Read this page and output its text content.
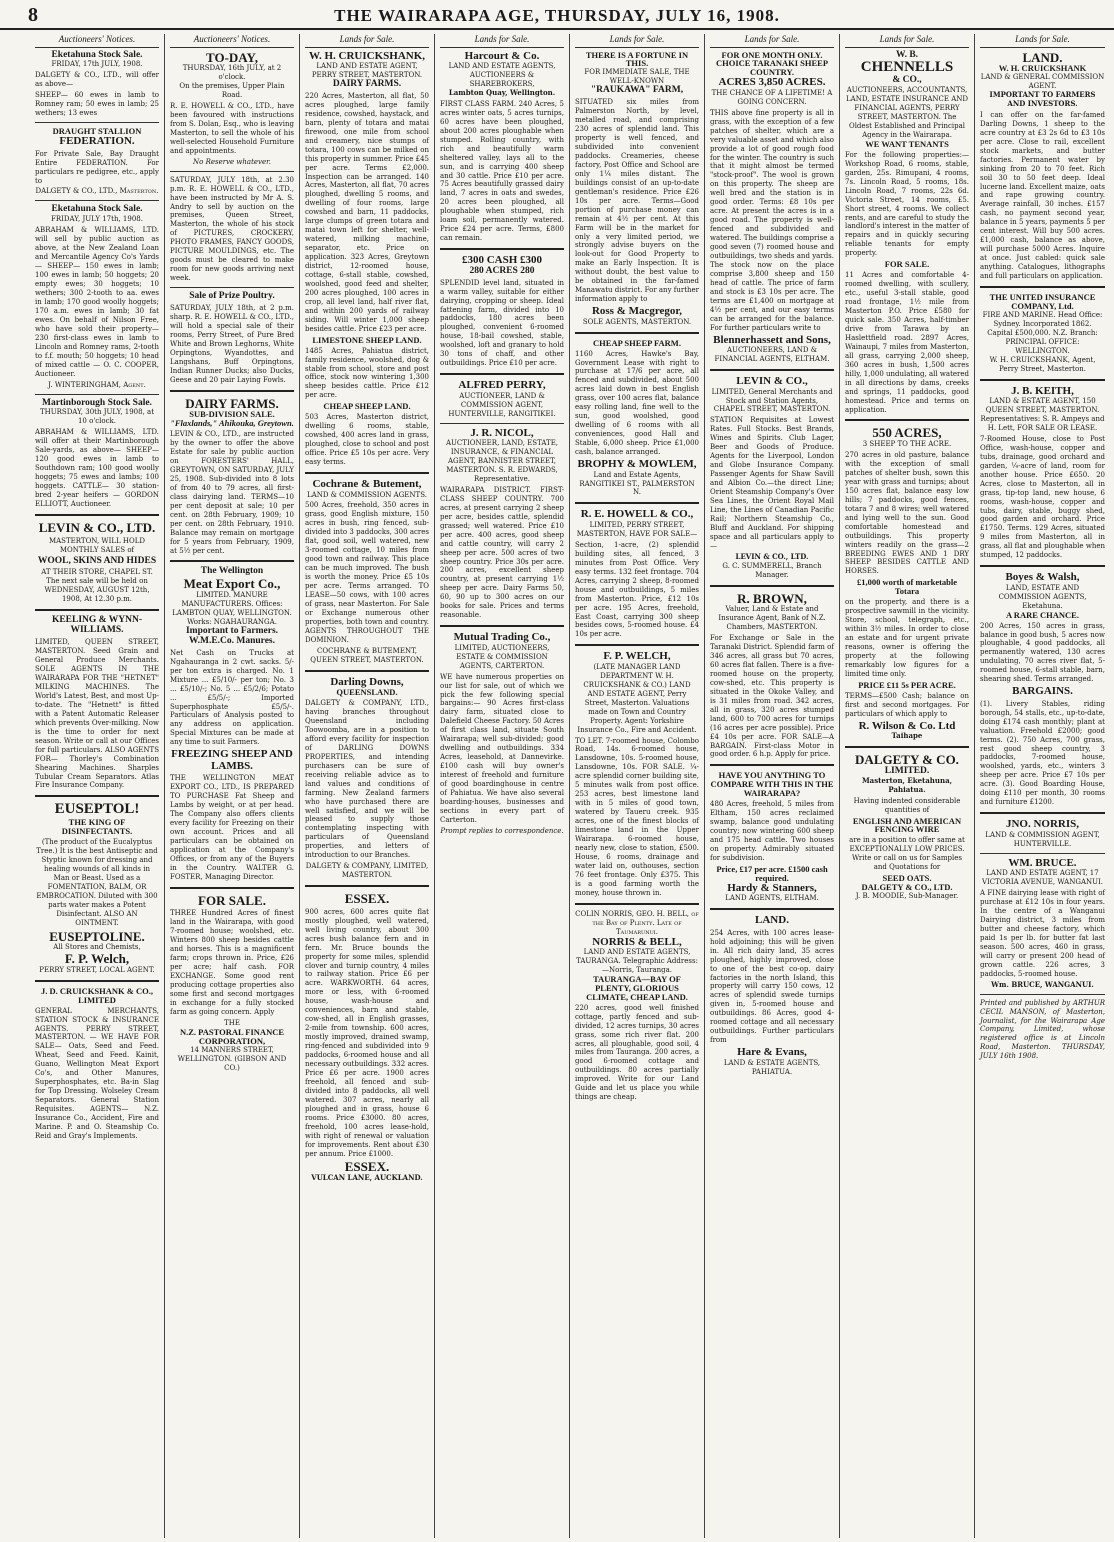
8	THE WAIRARAPA AGE, THURSDAY, JULY 16, 1908.
Auctioneers' Notices.
Eketahuna Stock Sale.
FRIDAY, 17th JULY, 1908.

DALGETY & CO., LTD., will offer as above—

SHEEP— 60 ewes in lamb to Romney ram; 50 ewes in lamb; 25 wethers; 13 ewes

DRAUGHT STALLION
FEDERATION.

For Private Sale, Bay Draught Entire FEDERATION. For particulars re pedigree, etc., apply to

DALGETY & CO., LTD., Masterton.
Eketahuna Stock Sale.
FRIDAY, JULY 17th, 1908.

ABRAHAM & WILLIAMS, LTD. will sell by public auction as above, at the New Zealand Loan and Mercantile Agency Co's Yards— SHEEP— 150 ewes in lamb; 100 ewes in lamb; 50 hoggets; 20 empty ewes; 30 hoggets; 10 wethers; 300 2-tooth to aa. ewes in lamb; 170 good woolly hoggets; 170 a.m. ewes in lamb; 30 fat ewes. On behalf of Nilson Free, who have sold their property— 230 first-class ewes in lamb to Lincoln and Romney rams, 2-tooth to f.f. mouth; 50 hoggets; 10 head of mixed cattle — O. C. COOPER, Auctioneer.

J. WINTERINGHAM, Agent.
Martinborough Stock Sale.
THURSDAY, 30th JULY, 1908, at 10 o'clock.

ABRAHAM & WILLIAMS, LTD. will offer at their Martinborough Sale-yards, as above— SHEEP— 120 good ewes in lamb to Southdown ram; 100 good woolly hoggets; 75 ewes and lambs; 100 hoggets. CATTLE— 30 station-bred 2-year heifers — GORDON ELLIOTT, Auctioneer.

LEVIN & CO., LTD.

MASTERTON, WILL HOLD MONTHLY SALES of

WOOL, SKINS AND HIDES

AT THEIR STORE, CHAPEL ST. The next sale will be held on WEDNESDAY, AUGUST 12th, 1908, At 12.30 p.m.

KEELING & WYNN-WILLIAMS.

LIMITED, QUEEN STREET, MASTERTON. Seed Grain and General Produce Merchants. SOLE AGENTS IN THE WAIRARAPA FOR THE "HETNET" MILKING MACHINES. The World's Latest, Best, and most Up-to-date. The "Hetnett" is fitted with a Patent Automatic Releaser which prevents Over-milking. Now is the time to order for next season. Write or call at our Offices for full particulars. ALSO AGENTS FOR— Thorley's Combination Shearing Machines. Sharples Tubular Cream Separators. Atlas Fire Insurance Company.

EUSEPTOL!
THE KING OF DISINFECTANTS.

(The product of the Eucalyptus Tree.) It is the best Antiseptic and Styptic known for dressing and healing wounds of all kinds in Man or Beast. Used as a FOMENTATION, BALM, OR EMBROCATION. Diluted with 300 parts water makes a Potent Disinfectant. ALSO AN OINTMENT.

EUSEPTOLINE.
All Stores and Chemists,
F. P. Welch,
PERRY STREET, LOCAL AGENT.
J. D. CRUICKSHANK & CO., LIMITED

GENERAL MERCHANTS, STATION STOCK & INSURANCE AGENTS. PERRY STREET, MASTERTON. — WE HAVE FOR SALE— Oats, Seed and Feed. Wheat, Seed and Feed. Kainit, Guano, Wellington Meat Export Co's, and Other Manures, Superphosphates, etc. Ba-in Slag for Top Dressing. Wolseley Cream Separators. General Station Requisites. AGENTS— N.Z. Insurance Co., Accident, Fire and Marine. P. and O. Steamship Co. Reid and Gray's Implements.

Auctioneers' Notices.
TO-DAY,
THURSDAY, 16th JULY, at 2 o'clock.
On the premises, Upper Plain Road.

R. E. HOWELL & CO., LTD., have been favoured with instructions from S. Dolan, Esq., who is leaving Masterton, to sell the whole of his well-selected Household Furniture and appointments.

No Reserve whatever.

SATURDAY, JULY 18th, at 2.30 p.m. R. E. HOWELL & CO., LTD., have been instructed by Mr A. S. Andry to sell by auction on the premises, Queen Street, Masterton, the whole of his stock of PICTURES, CROCKERY, PHOTO FRAMES, FANCY GOODS, PICTURE MOULDINGS, etc. The goods must be cleared to make room for new goods arriving next week.

Sale of Prize Poultry.

SATURDAY, JULY 18th, at 2 p.m. sharp. R. E. HOWELL & CO., LTD., will hold a special sale of their rooms, Perry Street, of Pure Bred White and Brown Leghorns, White Orpingtons, Wyandottes, and Langshans, Buff Orpingtons, Indian Runner Ducks; also Ducks, Geese and 20 pair Laying Fowls.

DAIRY FARMS.
SUB-DIVISION SALE.
"Flaxlands," Ahikouka, Greytown.

LEVIN & CO., LTD., are instructed by the owner to offer the above Estate for sale by public auction on FORESTERS' HALL, GREYTOWN, ON SATURDAY, JULY 25, 1908. Sub-divided into 8 lots of from 40 to 79 acres, all first-class dairying land. TERMS—10 per cent deposit at sale; 10 per cent. on 28th February, 1909; 10 per cent. on 28th February, 1910. Balance may remain on mortgage for 5 years from February, 1909, at 5½ per cent.

The Wellington
Meat Export Co.,
LIMITED. MANURE MANUFACTURERS. Offices: LAMBTON QUAY, WELLINGTON. Works: NGAHAURANGA.
Important to Farmers.
W.M.E.Co. Manures.

Net Cash on Trucks at Ngahauranga in 2 cwt. sacks. 5/- per ton extra is charged. No. 1 Mixture ... £5/10/- per ton; No. 3 ... £5/10/-; No. 5 ... £5/2/6; Potato ... £5/5/-; Imported Superphosphate £5/5/-. Particulars of Analysis posted to any address on application. Special Mixtures can be made at any time to suit Farmers.

FREEZING SHEEP AND LAMBS.

THE WELLINGTON MEAT EXPORT CO., LTD., IS PREPARED TO PURCHASE Fat Sheep and Lambs by weight, or at per head. The Company also offers clients every facility for Freezing on their own account. Prices and all particulars can be obtained on application at the Company's Offices, or from any of the Buyers in the Country. WALTER G. FOSTER, Managing Director.

FOR SALE.

THREE Hundred Acres of finest land in the Wairarapa, with good 7-roomed house; woolshed, etc. Winters 800 sheep besides cattle and horses. This is a magnificent farm; crops thrown in. Price, £26 per acre; half cash. FOR EXCHANGE. Some good rent producing cottage properties also some first and second mortgages in exchange for a fully stocked farm as going concern. Apply

THE
N.Z. PASTORAL FINANCE CORPORATION,
14 MANNERS STREET, WELLINGTON. (GIBSON AND CO.)
Lands for Sale.
W. H. CRUICKSHANK,
LAND AND ESTATE AGENT, PERRY STREET, MASTERTON.
DAIRY FARMS.

220 Acres, Masterton, all flat, 50 acres ploughed, large family residence, cowshed, haystack, and barn, plenty of totara and matai firewood, one mile from school and creamery, nice stumps of totara, 100 cows can be milked on this property in summer. Price £45 per acre. Terms £2,000. Inspection can be arranged. 140 Acres, Masterton, all flat, 70 acres ploughed, dwelling 5 rooms, and dwelling of four rooms, large cowshed and barn, 11 paddocks, large clumps of green totara and matai town left for shelter, well-watered, milking machine, separator, etc. Price on application. 323 Acres, Greytown district, 12-roomed house, cottage, 6-stall stable, cowshed, woolshed, good feed and shelter, 200 acres ploughed, 100 acres in crop, all level land, half river flat, and within 200 yards of railway siding. Will winter 1,000 sheep besides cattle. Price £23 per acre.

LIMESTONE SHEEP LAND.

1485 Acres, Pahiatua district, family residence, woolshed, dog & stable from school, store and post office, stock now wintering 1,300 sheep besides cattle. Price £12 per acre.

CHEAP SHEEP LAND.

503 Acres, Masterton district, dwelling 6 rooms, stable, cowshed, 400 acres land in grass, ploughed, close to school and post office. Price £5 10s per acre. Very easy terms.

Cochrane & Butement,
LAND & COMMISSION AGENTS.

500 Acres, freehold, 350 acres in grass, good English mixture, 150 acres in bush, ring fenced, sub-divided into 3 paddocks, 300 acres flat, good soil, well watered, new 3-roomed cottage, 10 miles from good town and railway. This place can be much improved. The bush is worth the money. Price £5 10s per acre. Terms arranged. TO LEASE—50 cows, with 100 acres of grass, near Masterton. For Sale or Exchange numerous other properties, both town and country. AGENTS THROUGHOUT THE DOMINION.

COCHRANE & BUTEMENT, QUEEN STREET, MASTERTON.
Darling Downs,
QUEENSLAND.

DALGETY & COMPANY, LTD., having branches throughout Queensland including Toowoomba, are in a position to afford every facility for inspection of DARLING DOWNS PROPERTIES, and intending purchasers can be sure of receiving reliable advice as to land values and conditions of farming. New Zealand farmers who have purchased there are well satisfied, and we will be pleased to supply those contemplating inspecting with particulars of Queensland properties, and letters of introduction to our Branches.

DALGETY & COMPANY, LIMITED, MASTERTON.
ESSEX.

900 acres, 600 acres quite flat mostly ploughed, well watered, well living country, about 300 acres bush balance fern and in fern. Mr. Bruce bounds the property for some miles, splendid clover and turnip country, 4 miles to railway station. Price £6 per acre. WARKWORTH. 64 acres, more or less, with 6-roomed house, wash-house and conveniences, barn and stable, cow-shed, all in English grasses, 2-mile from township. 600 acres, mostly improved, drained swamp, ring-fenced and subdivided into 9 paddocks, 6-roomed house and all necessary outbuildings. 332 acres. Price £6 per acre. 1900 acres freehold, all fenced and sub-divided into 8 paddocks, all well watered. 307 acres, nearly all ploughed and in grass, house 6 rooms. Price £3000. 80 acres, freehold, 100 acres lease-hold, with right of renewal or valuation for improvements. Rent about £30 per annum. Price £1000.

ESSEX.
VULCAN LANE, AUCKLAND.
Lands for Sale.
Harcourt & Co.
LAND AND ESTATE AGENTS, AUCTIONEERS & SHAREBROKERS,
Lambton Quay, Wellington.

FIRST CLASS FARM. 240 Acres, 5 acres winter oats, 5 acres turnips, 60 acres have been ploughed, about 200 acres ploughable when stumped. Rolling country, with rich and beautifully warm sheltered valley, lays all to the sun, and is carrying 400 sheep and 30 cattle. Price £10 per acre. 75 Acres beautifully grassed dairy land, 7 acres in oats and swedes, 20 acres been ploughed, all ploughable when stumped, rich loam soil, permanently watered. Price £24 per acre. Terms, £800 can remain.

£300 CASH £300
280 ACRES 280

SPLENDID level land, situated in a warm valley, suitable for either dairying, cropping or sheep. Ideal fattening farm, divided into 10 paddocks, 180 acres been ploughed, convenient 6-roomed house, 18-bail cowshed, stable, woolshed, loft and granary to hold 30 tons of chaff, and other outbuildings. Price £10 per acre.

ALFRED PERRY,
AUCTIONEER, LAND & COMMISSION AGENT, HUNTERVILLE, RANGITIKEI.
J. R. NICOL,
AUCTIONEER, LAND, ESTATE, INSURANCE, & FINANCIAL AGENT, BANNISTER STREET, MASTERTON. S. R. EDWARDS, Representative.

WAIRARAPA DISTRICT. FIRST-CLASS SHEEP COUNTRY. 700 acres, at present carrying 2 sheep per acre, besides cattle, splendid grassed; well watered. Price £10 per acre. 400 acres, good sheep and cattle country, will carry 2 sheep per acre. 500 acres of two sheep country. Price 30s per acre. 200 acres, excellent sheep country, at present carrying 1½ sheep per acre. Dairy Farms 50, 60, 90 up to 300 acres on our books for sale. Prices and terms reasonable.

Mutual Trading Co.,
LIMITED, AUCTIONEERS, ESTATE & COMMISSION AGENTS, CARTERTON.

WE have numerous properties on our list for sale, out of which we pick the few following special bargains:— 90 Acres first-class dairy farm, situated close to Dalefield Cheese Factory. 50 Acres of first class land, situate South Wairarapa; well sub-divided; good dwelling and outbuildings. 334 Acres, leasehold, at Dannevirke. £100 cash will buy owner's interest of freehold and furniture of good boardinghouse in centre of Pahiatua. We have also several boarding-houses, businesses and sections in every part of Carterton.

Prompt replies to correspondence.
Lands for Sale.
THERE IS A FORTUNE IN THIS.
FOR IMMEDIATE SALE, THE WELL-KNOWN
"RAUKAWA" FARM,

SITUATED six miles from Palmerston North, by level, metalled road, and comprising 230 acres of splendid land. This property is well fenced, and subdivided into convenient paddocks. Creameries, cheese factory, Post Office and School are only 1¼ miles distant. The buildings consist of an up-to-date gentleman's residence. Price £26 10s per acre. Terms—Good portion of purchase money can remain at 4½ per cent. At this Farm will be in the market for only a very limited period, we strongly advise buyers on the look-out for Good Property to make an Early Inspection. It is without doubt, the best value to be obtained in the far-famed Manawatu district. For any further information apply to

Ross & Macgregor,
SOLE AGENTS, MASTERTON.
CHEAP SHEEP FARM.

1160 Acres, Hawke's Bay, Government Lease with right to purchase at 17/6 per acre, all fenced and subdivided, about 500 acres laid down in best English grass, over 100 acres flat, balance easy rolling land, fine well to the sun, good woolshed, good dwelling of 6 rooms with all conveniences, good Hall and Stable, 6,000 sheep. Price £1,000 cash, balance arranged.

BROPHY & MOWLEM,
Land and Estate Agents, RANGITIKEI ST., PALMERSTON N.
R. E. HOWELL & CO.,
LIMITED, PERRY STREET, MASTERTON, HAVE FOR SALE—

Section, 1-acre, (2) splendid building sites, all fenced, 3 minutes from Post Office. Very easy terms. 132 feet frontage. 704 Acres, carrying 2 sheep, 8-roomed house and outbuildings, 5 miles from Masterton. Price, £12 10s per acre. 195 Acres, freehold, East Coast, carrying 300 sheep besides cows, 5-roomed house. £4 10s per acre.

F. P. WELCH,
(LATE MANAGER LAND DEPARTMENT W. H. CRUICKSHANK & CO.) LAND AND ESTATE AGENT, Perry Street, Masterton. Valuations made on Town and Country Property. Agent: Yorkshire Insurance Co., Fire and Accident.

TO LET. 7-roomed house, Colombo Road, 14s. 6-roomed house, Lansdowne, 10s. 5-roomed house, Lansdowne, 10s. FOR SALE. ¼-acre splendid corner building site, 5 minutes walk from post office. 253 acres, best limestone land with in 5 miles of good town, watered by Taueru creek. 935 acres, one of the finest blocks of limestone land in the Upper Wairarapa. 6-roomed house, nearly new, close to station, £500. House, 6 rooms, drainage and water laid on, outhouses, section 76 feet frontage. Only £375. This is a good farming worth the money, house thrown in.

COLIN NORRIS, GEO. H. BELL, of the Bay of Plenty. Late of Taumarunui.
NORRIS & BELL,
LAND AND ESTATE AGENTS, TAURANGA. Telegraphic Address:—Norris, Tauranga.
TAURANGA—BAY OF PLENTY, GLORIOUS CLIMATE, CHEAP LAND.

220 acres, good well finished cottage, partly fenced and sub-divided, 12 acres turnips, 30 acres grass, some rich river flat. 200 acres, all ploughable, good soil, 4 miles from Tauranga. 200 acres, a good 6-roomed cottage and outbuildings. 80 acres partially improved. Write for our Land Guide and let us place you while things are cheap.

Lands for Sale.
FOR ONE MONTH ONLY.
CHOICE TARANAKI SHEEP COUNTRY.
ACRES 3,850 ACRES.
THE CHANCE OF A LIFETIME! A GOING CONCERN.

THIS above fine property is all in grass, with the exception of a few patches of shelter, which are a very valuable asset and which also provide a lot of good rough food for the winter. The country is such that it might almost be termed "stock-proof". The wool is grown on this property. The sheep are well bred and the station is in good order. Terms: £8 10s per acre. At present the acres is in a good road. The property is well-fenced and subdivided and watered. The buildings comprise a good seven (7) roomed house and outbuildings, two sheds and yards. The stock now on the place comprise 3,800 sheep and 150 head of cattle. The price of farm and stock is £3 10s per acre. The terms are £1,400 on mortgage at 4½ per cent, and our easy terms can be arranged for the balance. For further particulars write to

Blennerhassett and Sons,
AUCTIONEERS, LAND & FINANCIAL AGENTS, ELTHAM.
LEVIN & CO.,
LIMITED, General Merchants and Stock and Station Agents, CHAPEL STREET, MASTERTON.

STATION Requisites at Lowest Rates. Full Stocks. Best Brands, Wines and Spirits. Club Lager, Beer and Goods of Produce. Agents for the Liverpool, London and Globe Insurance Company. Passenger Agents for Shaw Savill and Albion Co.—the direct Line; Orient Steamship Company's Over Sea Lines, the Orient Royal Mail Line, the Lines of Canadian Pacific Rail; Northern Steamship Co., Bluff and Auckland. For shipping space and all particulars apply to—

LEVIN & CO., LTD.
G. C. SUMMERELL, Branch Manager.
R. BROWN,
Valuer, Land & Estate and Insurance Agent, Bank of N.Z. Chambers, MASTERTON.

For Exchange or Sale in the Taranaki District. Splendid farm of 346 acres, all grass but 70 acres, 60 acres flat fallen. There is a five-roomed house on the property, cow-shed, etc. This property is situated in the Okoke Valley, and is 31 miles from road. 342 acres, all in grass, 320 acres stumped land, 600 to 700 acres for turnips (16 acres per acre possible). Price £4 10s per acre. FOR SALE—A BARGAIN. First-class Motor in good order. 6 h.p. Apply for price.

HAVE YOU ANYTHING TO COMPARE WITH THIS IN THE WAIRARAPA?

480 Acres, freehold, 5 miles from Eltham, 150 acres reclaimed swamp, balance good undulating country; now wintering 600 sheep and 175 head cattle. Two houses on property. Admirably situated for subdivision.

Price, £17 per acre. £1500 cash required.
Hardy & Stanners,
LAND AGENTS, ELTHAM.
LAND.

254 Acres, with 100 acres lease-hold adjoining; this will be given in. All rich dairy land, 35 acres ploughed, highly improved, close to one of the best co-op. dairy factories in the north Island, this property will carry 150 cows, 12 acres of splendid swede turnips given in, 5-roomed house and outbuildings. 86 Acres, good 4-roomed cottage and all necessary outbuildings. Further particulars from

Hare & Evans,
LAND & ESTATE AGENTS, PAHIATUA.
Lands for Sale.
W. B.
CHENNELLS
& CO.,
AUCTIONEERS, ACCOUNTANTS, LAND, ESTATE INSURANCE AND FINANCIAL AGENTS, PERRY STREET, MASTERTON. The Oldest Established and Principal Agency in the Wairarapa.
WE WANT TENANTS

For the following properties:— Workshop Road, 6 rooms, stable, garden, 25s. Rimupani, 4 rooms, 7s. Lincoln Road, 5 rooms, 18s. Lincoln Road, 7 rooms, 22s 6d. Victoria Street, 14 rooms, £5. Short street, 4 rooms. We collect rents, and are careful to study the landlord's interest in the matter of repairs and in quickly securing reliable tenants for empty property.

FOR SALE.

11 Acres and comfortable 4-roomed dwelling, with scullery, etc., useful 3-stall stable, good road frontage, 1½ mile from Masterton P.O. Price £580 for quick sale. 350 Acres, half-timber drive from Tarawa by an Haslettfield road. 2897 Acres, Wainaupi, 7 miles from Masterton, all grass, carrying 2,000 sheep, 360 acres in bush, 1,500 acres hilly, 1,000 undulating, all watered in all directions by dams, creeks and springs, 11 paddocks, good homestead. Price and terms on application.

550 ACRES,
3 SHEEP TO THE ACRE.

270 acres in old pasture, balance with the exception of small patches of shelter bush, sown this year with grass and turnips; about 150 acres flat, balance easy low hills; 7 paddocks, good fences, totara 7 and 8 wires; well watered and lying well to the sun. Good comfortable homestead and outbuildings. This property winters readily on the grass—2 BREEDING EWES AND 1 DRY SHEEP BESIDES CATTLE AND HORSES.

£1,000 worth of marketable Totara

on the property, and there is a prospective sawmill in the vicinity. Store, school, telegraph, etc., within 3½ miles. In order to close an estate and for urgent private reasons, owner is offering the property at the following remarkably low figures for a limited time only.

PRICE £11 5s PER ACRE.

TERMS—£500 Cash; balance on first and second mortgages. For particulars of which apply to

R. Wilson & Co. Ltd
Taihape
DALGETY & CO.
LIMITED.
Masterton, Eketahuna, Pahiatua.

Having indented considerable quantities of

ENGLISH AND AMERICAN FENCING WIRE

are in a position to offer same at EXCEPTIONALLY LOW PRICES. Write or call on us for Samples and Quotations for

SEED OATS.
DALGETY & CO., LTD.
J. B. MOODIE, Sub-Manager.
Lands for Sale.
LAND.
W. H. CRUICKSHANK
LAND & GENERAL COMMISSION AGENT.
IMPORTANT TO FARMERS AND INVESTORS.

I can offer on the far-famed Darling Downs, 1 sheep to the acre country at £3 2s 6d to £3 10s per acre. Close to rail, excellent stock markets, and butter factories. Permanent water by sinking from 20 to 70 feet. Rich soil 30 to 50 feet deep. Ideal lucerne land. Excellent maize, oats and rape growing country. Average rainfall, 30 inches. £157 cash, no payment second year, balance in 5 years, payments 5 per cent interest. Will buy 500 acres. £1,000 cash, balance as above, will purchase 5000 Acres. Inquire at once. Just cabled: quick sale anything. Catalogues, lithographs and full particulars on application.

THE UNITED INSURANCE COMPANY, Ltd.
FIRE AND MARINE. Head Office: Sydney. Incorporated 1862. Capital £500,000. N.Z. Branch: PRINCIPAL OFFICE: WELLINGTON.
W. H. CRUICKSHANK, Agent, Perry Street, Masterton.
J. B. KEITH,
LAND & ESTATE AGENT, 150 QUEEN STREET, MASTERTON. Representatives: S. R. Ampeys and H. Lett, FOR SALE OR LEASE.

7-Roomed House, close to Post Office, wash-house, copper and tubs, drainage, good orchard and garden, ¼-acre of land, room for another house. Price £650. 20 Acres, close to Masterton, all in grass, tip-top land, new house, 6 rooms, wash-house, copper and tubs, dairy, stable, buggy shed, good garden and orchard. Price £1750. Terms. 129 Acres, situated 9 miles from Masterton, all in grass, all flat and ploughable when stumped, 12 paddocks.

Boyes & Walsh,
LAND, ESTATE AND COMMISSION AGENTS, Eketahuna.
A RARE CHANCE.

200 Acres, 150 acres in grass, balance in good bush, 5 acres now ploughable, 4 good paddocks, all permanently watered, 130 acres undulating, 70 acres river flat, 5-roomed house, 6-stall stable, barn, shearing shed. Terms arranged.

BARGAINS.

(1). Livery Stables, riding borough, 54 stalls, etc., up-to-date, doing £174 cash monthly; plant at valuation. Freehold £2000; good terms. (2). 750 Acres, 700 grass, rest good sheep country, 3 paddocks, 7-roomed house, woolshed, yards, etc., winters 3 sheep per acre. Price £7 10s per acre. (3). Good Boarding House, doing £110 per month, 30 rooms and furniture £1200.

JNO. NORRIS,
LAND & COMMISSION AGENT, HUNTERVILLE.
WM. BRUCE.
LAND AND ESTATE AGENT, 17 VICTORIA AVENUE, WANGANUI.

A FINE dairying lease with right of purchase at £12 10s in four years. In the centre of a Wanganui Dairying district, 3 miles from butter and cheese factory, which paid 1s per lb. for butter fat last season. 500 acres, 460 in grass, will carry or present 200 head of grown cattle. 226 acres, 3 paddocks, 5-roomed house.

Wm. BRUCE, WANGANUI.

Printed and published by ARTHUR CECIL MANSON, of Masterton, Journalist, for the Wairarapa Age Company, Limited, whose registered office is at Lincoln Road, Masterton. THURSDAY, JULY 16th 1908.
